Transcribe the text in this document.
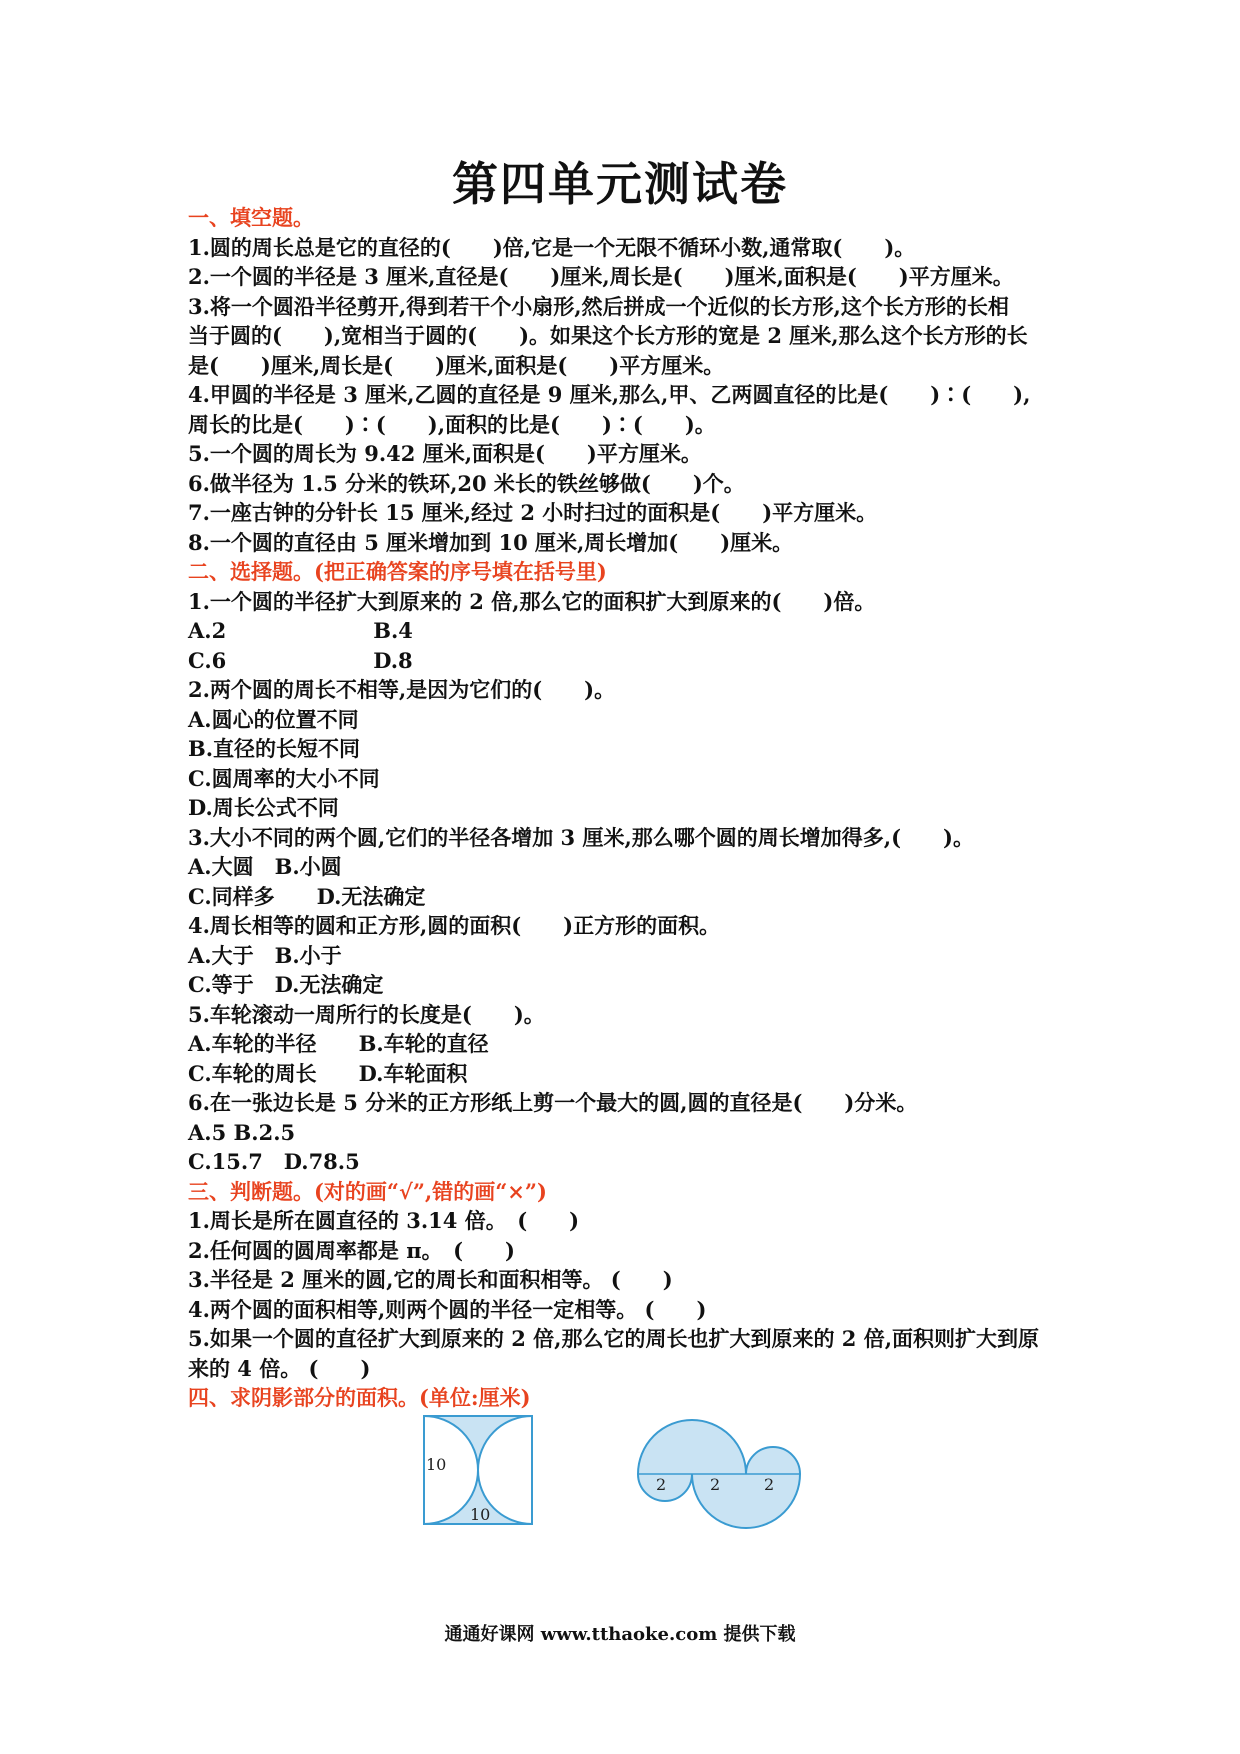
第四单元测试卷
一、填空题。
1.圆的周长总是它的直径的(　　)倍,它是一个无限不循环小数,通常取(　　)。
2.一个圆的半径是 3 厘米,直径是(　　)厘米,周长是(　　)厘米,面积是(　　)平方厘米。
3.将一个圆沿半径剪开,得到若干个小扇形,然后拼成一个近似的长方形,这个长方形的长相
当于圆的(　　),宽相当于圆的(　　)。如果这个长方形的宽是 2 厘米,那么这个长方形的长
是(　　)厘米,周长是(　　)厘米,面积是(　　)平方厘米。
4.甲圆的半径是 3 厘米,乙圆的直径是 9 厘米,那么,甲、乙两圆直径的比是(　　)∶(　　),
周长的比是(　　)∶(　　),面积的比是(　　)∶(　　)。
5.一个圆的周长为 9.42 厘米,面积是(　　)平方厘米。
6.做半径为 1.5 分米的铁环,20 米长的铁丝够做(　　)个。
7.一座古钟的分针长 15 厘米,经过 2 小时扫过的面积是(　　)平方厘米。
8.一个圆的直径由 5 厘米增加到 10 厘米,周长增加(　　)厘米。
二、选择题。(把正确答案的序号填在括号里)
1.一个圆的半径扩大到原来的 2 倍,那么它的面积扩大到原来的(　　)倍。
A.2　　　　　　　B.4
C.6　　　　　　　D.8
2.两个圆的周长不相等,是因为它们的(　　)。
A.圆心的位置不同
B.直径的长短不同
C.圆周率的大小不同
D.周长公式不同
3.大小不同的两个圆,它们的半径各增加 3 厘米,那么哪个圆的周长增加得多,(　　)。
A.大圆　B.小圆
C.同样多　　D.无法确定
4.周长相等的圆和正方形,圆的面积(　　)正方形的面积。
A.大于　B.小于
C.等于　D.无法确定
5.车轮滚动一周所行的长度是(　　)。
A.车轮的半径　　B.车轮的直径
C.车轮的周长　　D.车轮面积
6.在一张边长是 5 分米的正方形纸上剪一个最大的圆,圆的直径是(　　)分米。
A.5 B.2.5
C.15.7　D.78.5
三、判断题。(对的画“√”,错的画“×”)
1.周长是所在圆直径的 3.14 倍。　(　　)
2.任何圆的圆周率都是 π。　(　　)
3.半径是 2 厘米的圆,它的周长和面积相等。 (　　)
4.两个圆的面积相等,则两个圆的半径一定相等。 (　　)
5.如果一个圆的直径扩大到原来的 2 倍,那么它的周长也扩大到原来的 2 倍,面积则扩大到原
来的 4 倍。 (　　)
四、求阴影部分的面积。(单位:厘米)
10
10
2	2	2
通通好课网 www.tthaoke.com 提供下载
